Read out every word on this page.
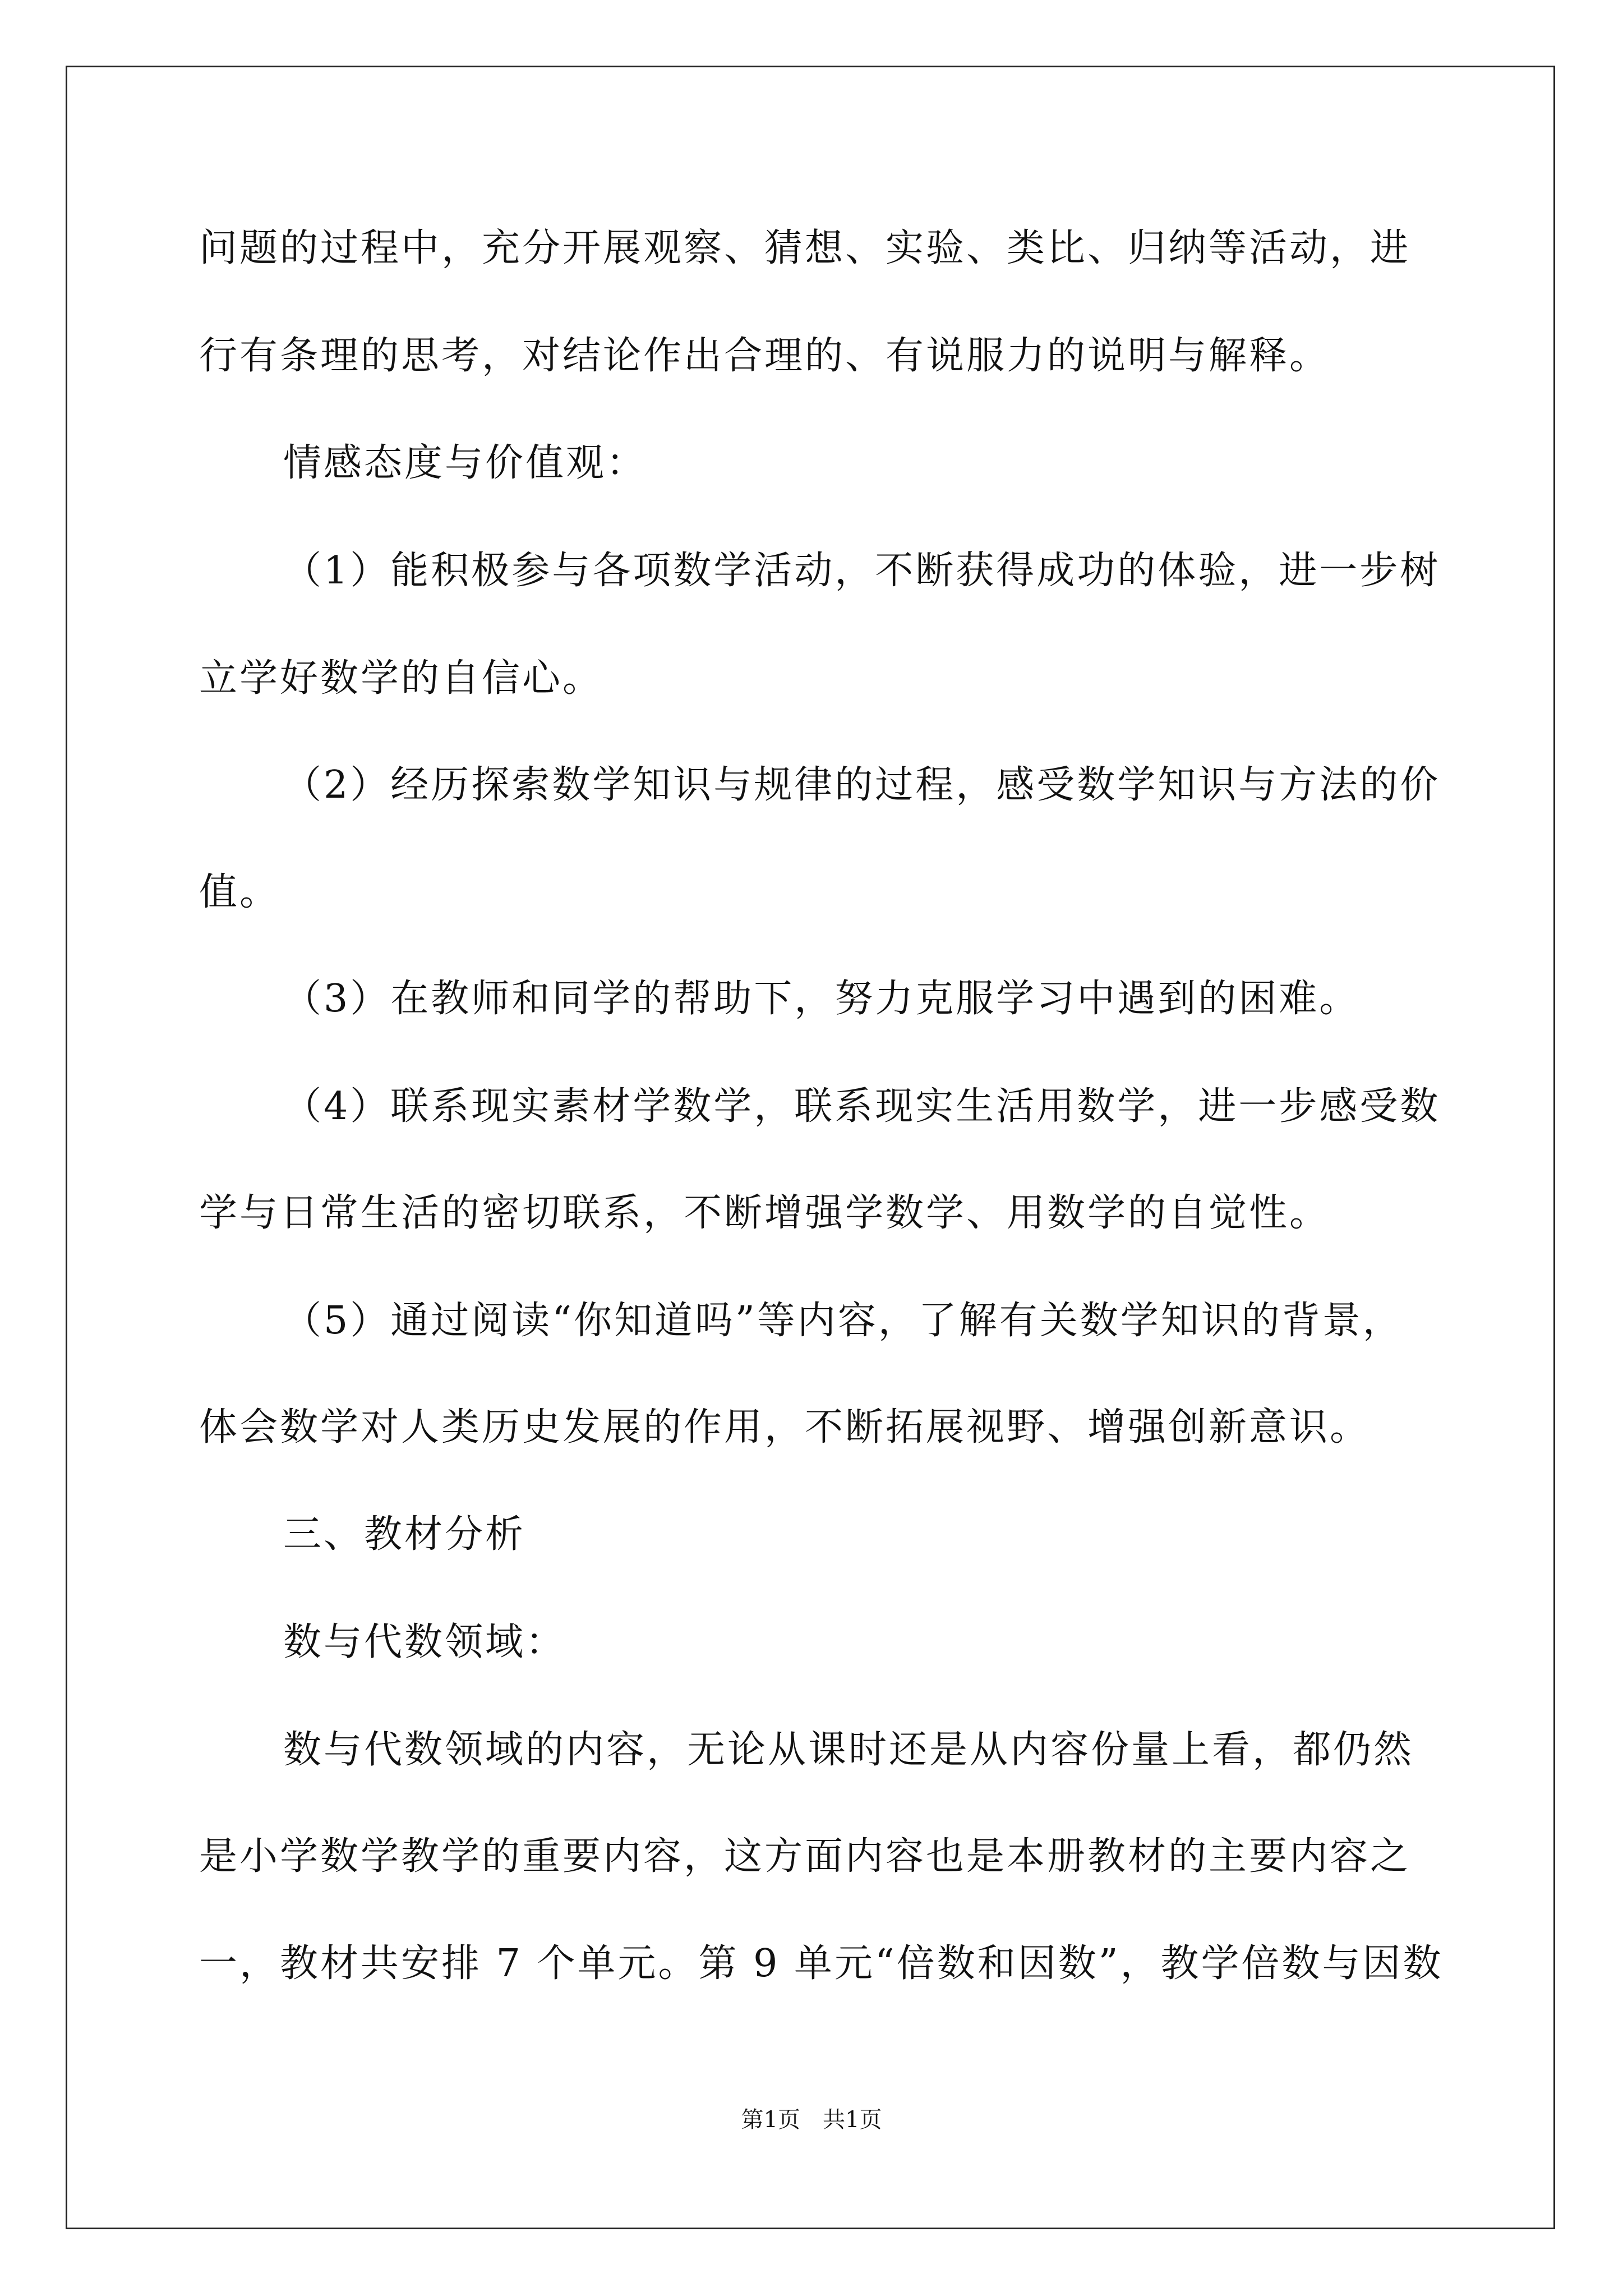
问题的过程中，充分开展观察、猜想、实验、类比、归纳等活动，进
行有条理的思考，对结论作出合理的、有说服力的说明与解释。
情感态度与价值观：
（1）能积极参与各项数学活动，不断获得成功的体验，进一步树
立学好数学的自信心。
（2）经历探索数学知识与规律的过程，感受数学知识与方法的价
值。
（3）在教师和同学的帮助下，努力克服学习中遇到的困难。
（4）联系现实素材学数学，联系现实生活用数学，进一步感受数
学与日常生活的密切联系，不断增强学数学、用数学的自觉性。
（5）通过阅读“你知道吗”等内容，了解有关数学知识的背景，
体会数学对人类历史发展的作用，不断拓展视野、增强创新意识。
三、教材分析
数与代数领域：
数与代数领域的内容，无论从课时还是从内容份量上看，都仍然
是小学数学教学的重要内容，这方面内容也是本册教材的主要内容之
一，教材共安排 7 个单元。第 9 单元“倍数和因数”，教学倍数与因数
第1页　共1页
